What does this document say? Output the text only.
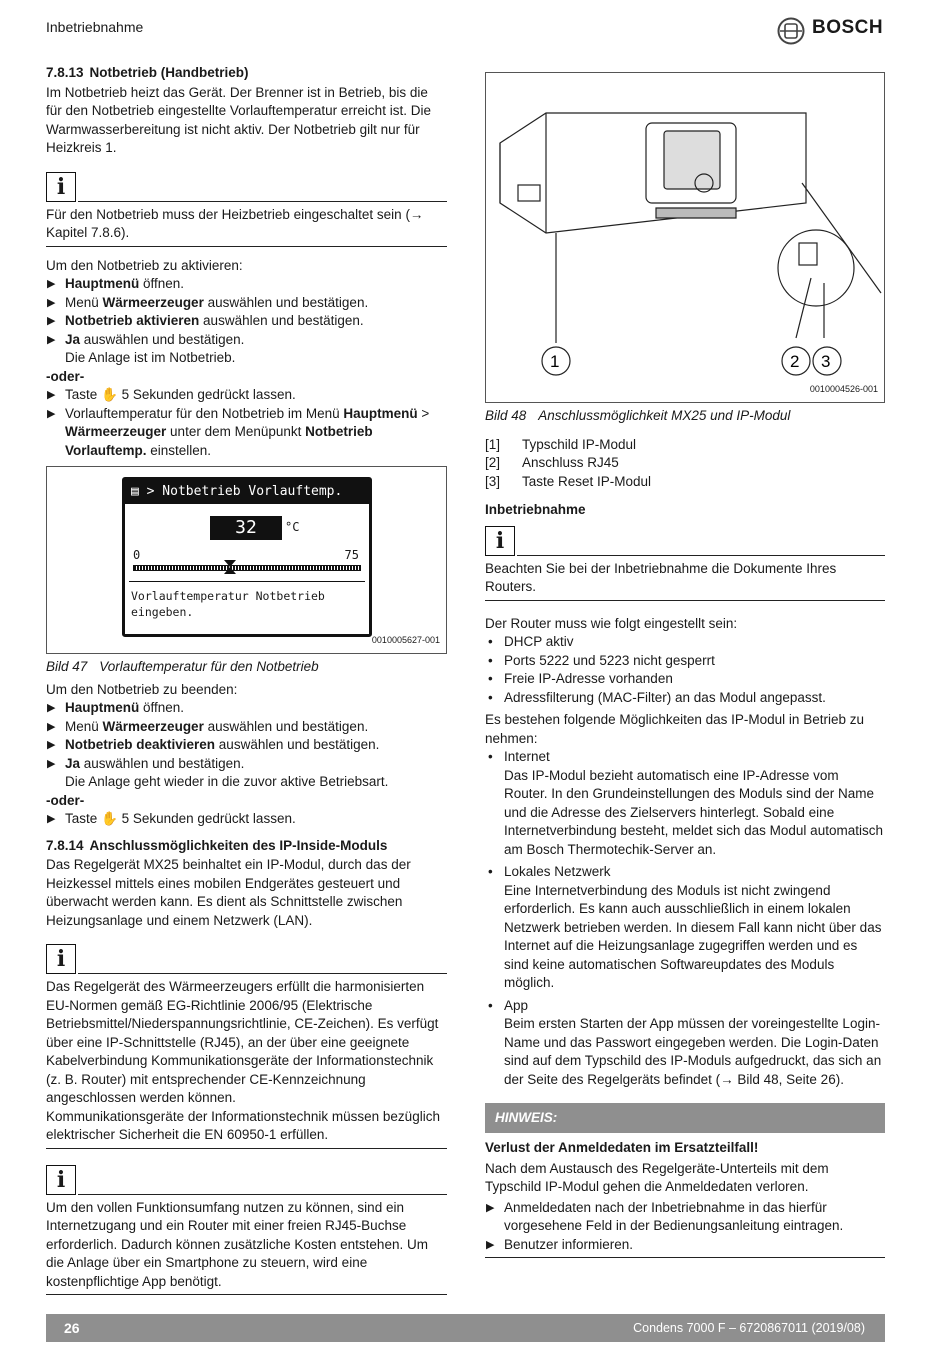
Inbetriebnahme	BOSCH
7.8.13 Notbetrieb (Handbetrieb)

Im Notbetrieb heizt das Gerät. Der Brenner ist in Betrieb, bis die für den Notbetrieb eingestellte Vorlauftemperatur erreicht ist. Die Warmwasserbereitung ist nicht aktiv. Der Notbetrieb gilt nur für Heizkreis 1.

i

Für den Notbetrieb muss der Heizbetrieb eingeschaltet sein (→ Kapitel 7.8.6).

Um den Notbetrieb zu aktivieren:

▶ Hauptmenü öffnen.
▶ Menü Wärmeerzeuger auswählen und bestätigen.
▶ Notbetrieb aktivieren auswählen und bestätigen.
▶ Ja auswählen und bestätigen.
Die Anlage ist im Notbetrieb.

-oder-

▶ Taste ✋ 5 Sekunden gedrückt lassen.
▶ Vorlauftemperatur für den Notbetrieb im Menü Hauptmenü > Wärmeerzeuger unter dem Menüpunkt Notbetrieb Vorlauftemp. einstellen.
▤ > Notbetrieb Vorlauftemp.
32	°C
0	75
Vorlauftemperatur Notbetrieb
eingeben.
0010005627-001

Bild 47 Vorlauftemperatur für den Notbetrieb

Um den Notbetrieb zu beenden:

▶ Hauptmenü öffnen.
▶ Menü Wärmeerzeuger auswählen und bestätigen.
▶ Notbetrieb deaktivieren auswählen und bestätigen.
▶ Ja auswählen und bestätigen.
Die Anlage geht wieder in die zuvor aktive Betriebsart.

-oder-

▶ Taste ✋ 5 Sekunden gedrückt lassen.
7.8.14 Anschlussmöglichkeiten des IP-Inside-Moduls

Das Regelgerät MX25 beinhaltet ein IP-Modul, durch das der Heizkessel mittels eines mobilen Endgerätes gesteuert und überwacht werden kann. Es dient als Schnittstelle zwischen Heizungsanlage und einem Netzwerk (LAN).

i

Das Regelgerät des Wärmeerzeugers erfüllt die harmonisierten EU-Normen gemäß EG-Richtlinie 2006/95 (Elektrische Betriebsmittel/Niederspannungsrichtlinie, CE-Zeichen). Es verfügt über eine IP-Schnittstelle (RJ45), an der über eine geeignete Kabelverbindung Kommunikationsgeräte der Informationstechnik (z. B. Router) mit entsprechender CE-Kennzeichnung angeschlossen werden können.

Kommunikationsgeräte der Informationstechnik müssen bezüglich elektrischer Sicherheit die EN 60950-1 erfüllen.

i

Um den vollen Funktionsumfang nutzen zu können, sind ein Internetzugang und ein Router mit einer freien RJ45-Buchse erforderlich. Dadurch können zusätzliche Kosten entstehen. Um die Anlage über ein Smartphone zu steuern, wird eine kostenpflichtige App benötigt.

1	2 3
0010004526-001

Bild 48 Anschlussmöglichkeit MX25 und IP-Modul

[1]	Typschild IP-Modul
[2]	Anschluss RJ45
[3]	Taste Reset IP-Modul
Inbetriebnahme
i

Beachten Sie bei der Inbetriebnahme die Dokumente Ihres Routers.

Der Router muss wie folgt eingestellt sein:

• DHCP aktiv
• Ports 5222 und 5223 nicht gesperrt
• Freie IP-Adresse vorhanden
• Adressfilterung (MAC-Filter) an das Modul angepasst.

Es bestehen folgende Möglichkeiten das IP-Modul in Betrieb zu nehmen:

• Internet
Das IP-Modul bezieht automatisch eine IP-Adresse vom Router. In den Grundeinstellungen des Moduls sind der Name und die Adresse des Zielservers hinterlegt. Sobald eine Internetverbindung besteht, meldet sich das Modul automatisch am Bosch Thermotechik-Server an.
• Lokales Netzwerk
Eine Internetverbindung des Moduls ist nicht zwingend erforderlich. Es kann auch ausschließlich in einem lokalen Netzwerk betrieben werden. In diesem Fall kann nicht über das Internet auf die Heizungsanlage zugegriffen werden und es sind keine automatischen Softwareupdates des Moduls möglich.
• App
Beim ersten Starten der App müssen der voreingestellte Login-Name und das Passwort eingegeben werden. Die Login-Daten sind auf dem Typschild des IP-Moduls aufgedruckt, das sich an der Seite des Regelgeräts befindet (→ Bild 48, Seite 26).
HINWEIS:

Verlust der Anmeldedaten im Ersatzteilfall!

Nach dem Austausch des Regelgeräte-Unterteils mit dem Typschild IP-Modul gehen die Anmeldedaten verloren.

▶ Anmeldedaten nach der Inbetriebnahme in das hierfür vorgesehene Feld in der Bedienungsanleitung eintragen.
▶ Benutzer informieren.
26	Condens 7000 F – 6720867011 (2019/08)
